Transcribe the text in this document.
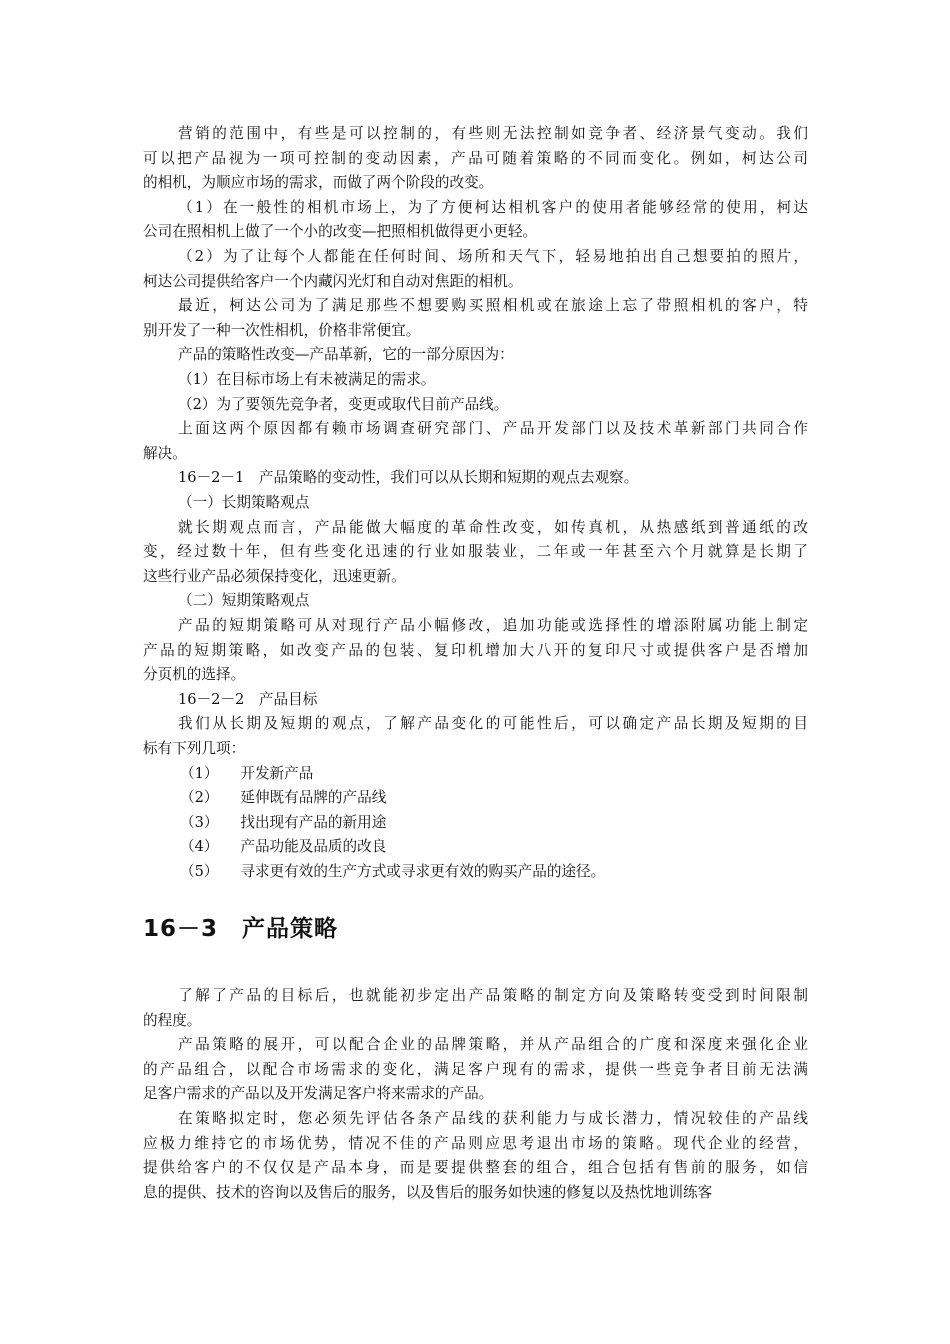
营销的范围中，有些是可以控制的，有些则无法控制如竞争者、经济景气变动。我们
可以把产品视为一项可控制的变动因素，产品可随着策略的不同而变化。例如，柯达公司
的相机，为顺应市场的需求，而做了两个阶段的改变。
（1）在一般性的相机市场上，为了方便柯达相机客户的使用者能够经常的使用，柯达
公司在照相机上做了一个小的改变—把照相机做得更小更轻。
（2）为了让每个人都能在任何时间、场所和天气下，轻易地拍出自己想要拍的照片，
柯达公司提供给客户一个内藏闪光灯和自动对焦距的相机。
最近，柯达公司为了满足那些不想要购买照相机或在旅途上忘了带照相机的客户，特
别开发了一种一次性相机，价格非常便宜。
产品的策略性改变—产品革新，它的一部分原因为：
（1）在目标市场上有未被满足的需求。
（2）为了要领先竞争者，变更或取代目前产品线。
上面这两个原因都有赖市场调查研究部门、产品开发部门以及技术革新部门共同合作
解决。
16－2－1　产品策略的变动性，我们可以从长期和短期的观点去观察。
（一）长期策略观点
就长期观点而言，产品能做大幅度的革命性改变，如传真机，从热感纸到普通纸的改
变，经过数十年，但有些变化迅速的行业如服装业，二年或一年甚至六个月就算是长期了
这些行业产品必须保持变化，迅速更新。
（二）短期策略观点
产品的短期策略可从对现行产品小幅修改，追加功能或选择性的增添附属功能上制定
产品的短期策略，如改变产品的包装、复印机增加大八开的复印尺寸或提供客户是否增加
分页机的选择。
16－2－2　产品目标
我们从长期及短期的观点，了解产品变化的可能性后，可以确定产品长期及短期的目
标有下列几项：
（1）　　开发新产品
（2）　　延伸既有品牌的产品线
（3）　　找出现有产品的新用途
（4）　　产品功能及品质的改良
（5）　　寻求更有效的生产方式或寻求更有效的购买产品的途径。
16－3　产品策略
了解了产品的目标后，也就能初步定出产品策略的制定方向及策略转变受到时间限制
的程度。
产品策略的展开，可以配合企业的品牌策略，并从产品组合的广度和深度来强化企业
的产品组合，以配合市场需求的变化，满足客户现有的需求，提供一些竞争者目前无法满
足客户需求的产品以及开发满足客户将来需求的产品。
在策略拟定时，您必须先评估各条产品线的获利能力与成长潜力，情况较佳的产品线
应极力维持它的市场优势，情况不佳的产品则应思考退出市场的策略。现代企业的经营，
提供给客户的不仅仅是产品本身，而是要提供整套的组合，组合包括有售前的服务，如信
息的提供、技术的咨询以及售后的服务，以及售后的服务如快速的修复以及热忱地训练客
